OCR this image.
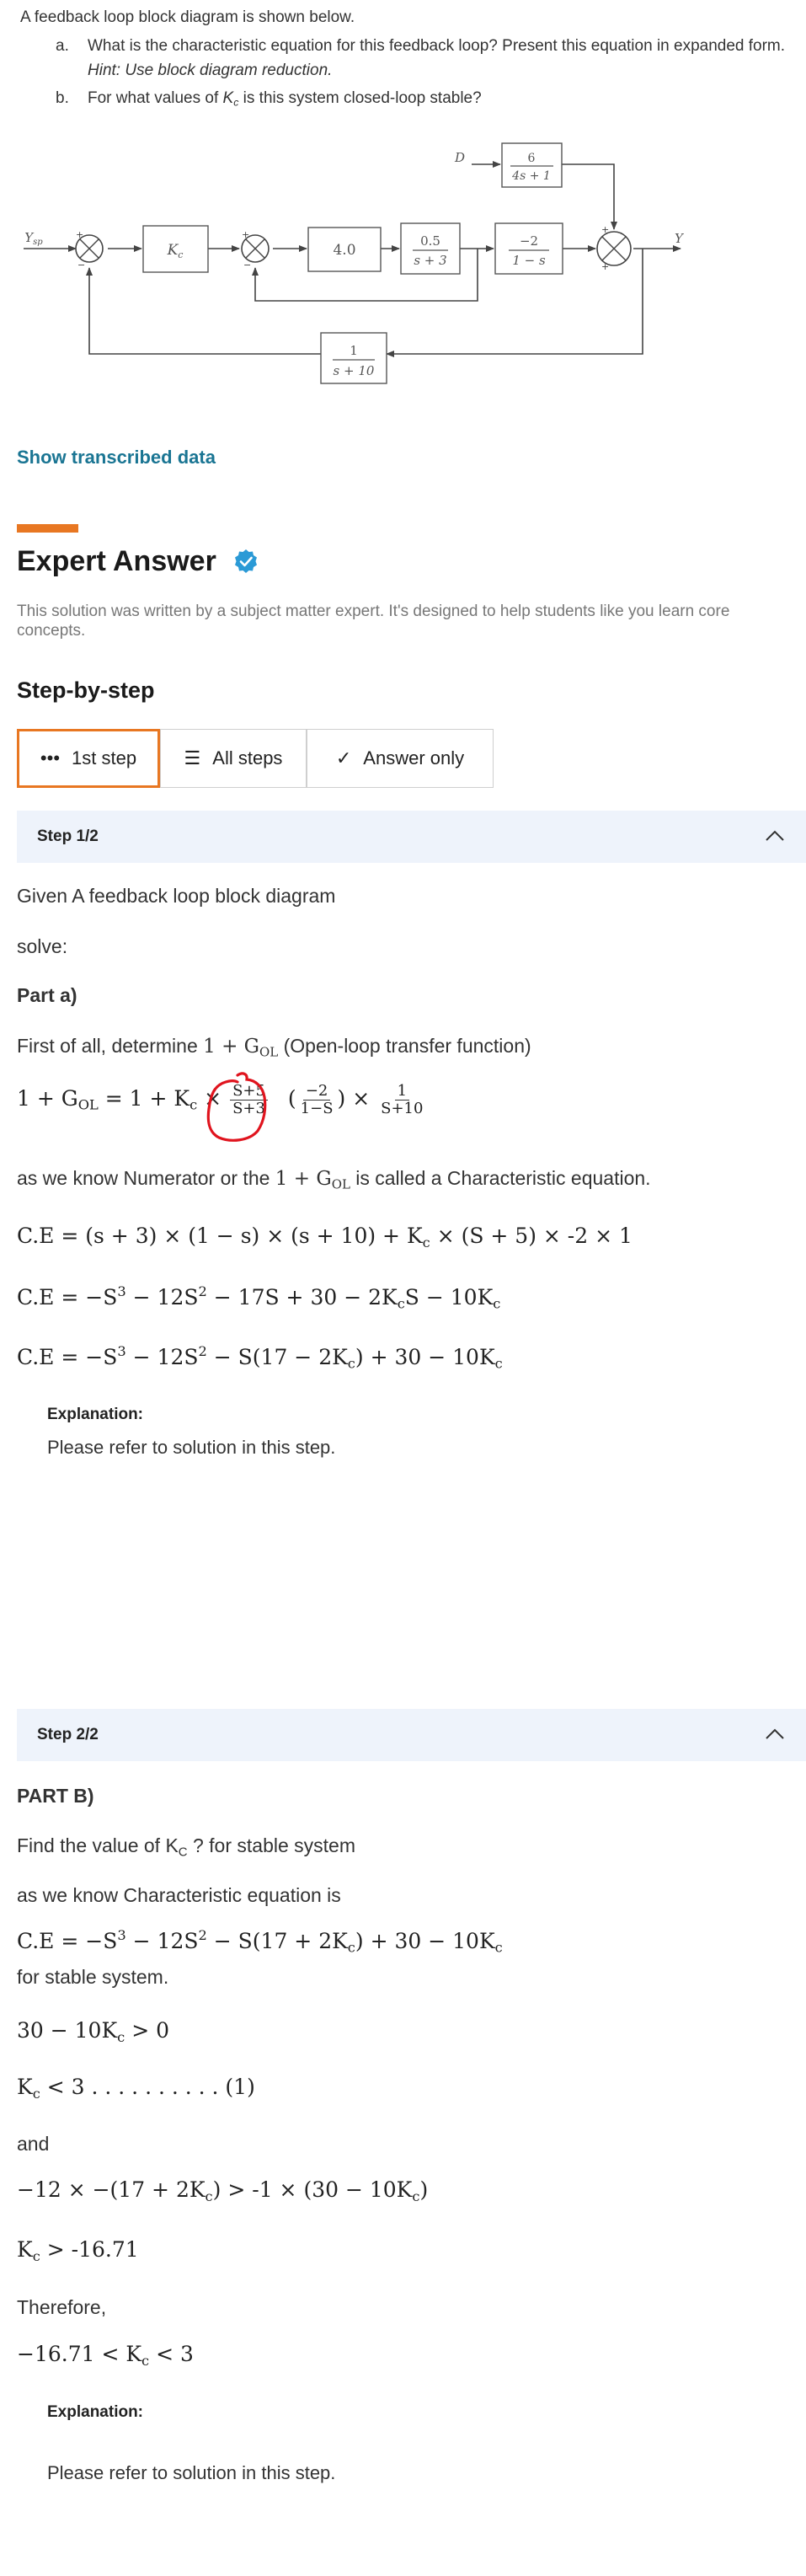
A feedback loop block diagram is shown below.
a. What is the characteristic equation for this feedback loop? Present this equation in expanded form. Hint: Use block diagram reduction.
b. For what values of $K_c$ is this system closed-loop stable?
+
−
+
−
+
+
$K_c$	4.0
0.5
s + 3
6
4s + 1
−2
1 − s
1
s + 10
D
Y
$Y_{sp}$
Show transcribed data
Expert Answer
This solution was written by a subject matter expert. It's designed to help students like you learn core concepts.
Step-by-step
••• 1st step	☰ All steps	✓ Answer only
Step 1/2
Given A feedback loop block diagram
solve:
Part a)
First of all, determine $1 + G_{OL}$ (Open-loop transfer function)
$1 + G_{OL} = 1 + K_c \times \frac{S+5}{S+3}$ ( $\frac{-2}{1-S}$ ) × $\frac{1}{S+10}$
as we know Numerator or the $1 + G_{OL}$ is called a Characteristic equation.
$C.E = (s + 3) \times (1 - s) \times (s + 10) + K_c \times (S + 5) \times -2 \times 1$
$C.E = -S^3 - 12S^2 - 17S + 30 - 2K_cS - 10K_c$
$C.E = -S^3 - 12S^2 - S(17 - 2K_c) + 30 - 10K_c$
Explanation:
Please refer to solution in this step.
Step 2/2
PART B)
Find the value of $K_C$ ? for stable system
as we know Characteristic equation is
$C.E = -S^3 - 12S^2 - S(17 + 2K_c) + 30 - 10K_c$
for stable system.
$30 - 10K_c > 0$
$K_c < 3$ . . . . . . . . . . (1)
and
$-12 \times -(17 + 2K_c) > -1 \times (30 - 10K_c)$
$K_c > -16.71$
Therefore,
$-16.71 < K_c < 3$
Explanation:
Please refer to solution in this step.
